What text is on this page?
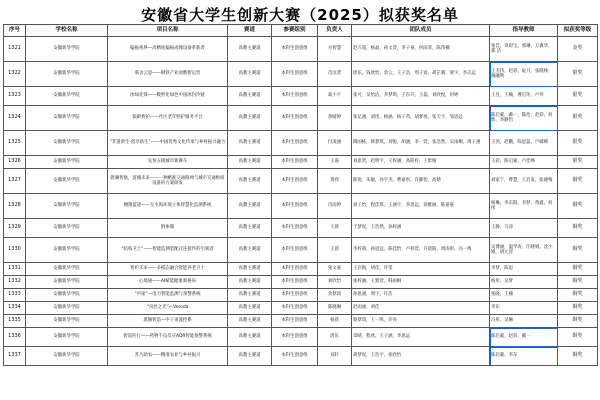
安徽省大学生创新大赛（2025）拟获奖名单
序号	学校名称	项目名称	赛道	参赛组别	负责人	团队成员	指导教师	拟获奖等级
1321	安徽新华学院	偏振视界—高精度偏振成像设备革新者	高教主赛道	本科生创意组	方智慧	赵万超，杨晶，孙文萱，李子豪，何雨菲，陈伟楠	张佳，章彩宝，郭琳，万冀华，郑 洁	金奖
1322	安徽新华学院	慕舍云思——钢铁产业园数智运营	高教主赛道	本科生创意组	肖汶萱	唐乐，钱欣怡，余云，王子浩，周子宸，胡芷晴，梁宇，李志远	王杰伟，赵彩，阮月，张晓林，薄融荆	银奖
1323	安徽新华学院	冰绿先锋——数智化绿色中国冰封冷链	高教主赛道	本科生创意组	葛小宇	张可，吴怡洁，李梦琪，王东升，王磊，刘欣悦，何婷	王昱，王楠，曹启冬，卢琴	银奖
1324	安徽新华学院	银龄智护——社区老年照护服务平台	高教主赛道	本科生创意组	余晴婷	张亿涵，刘彤，杨涵，杨子芮，胡梦瑶，张天宇，邹思远	陈启蒙，戴一，陈治，赵彩，何辉，李静怡	银奖
1325	安徽新华学院	“非遗新生·创享新生”——中国优秀文化传承与乡村振兴融合	高教主赛道	本科生创意组	付凌涵	陶国栋，韩梦琪，刘悦，胡涵，李一萱，张浩然，吴雨桐，周子涵	王茜，赵鹏，陈思蕊，卢啸峰	银奖
1326	安徽新华学院	先预五模城市新赛车	高教主赛道	本科生创意组	王嘉	刘思贤，赵明宇，王梓涵，高皓梓，王紫晴	王彩，陈启蒙，卢佳峰	银奖
1327	安徽新华学院	蔚澜智航，涟城未来——一种精准交通路网与城市交通枢纽设备的方案研发	高教主赛道	本科生创意组	黄欣	陈悦，朱敏，孙宇杰，曹嘉彤，许静怡，高婧	刘家宁，曹慧，王启发，张晓梅	铜奖
1328	安徽新华学院	翱翔蓝途——无水海环境立体智慧化监测系统	高教主赛道	本科生创意组	肖雨婷	刘子怡，程佳琪，王涵宇，李思远，徐雅丽，陈嘉豪	杨琳，李东阳，李梦，黄鑫，何彤	铜奖
1329	安徽新华学院	链体微	高教主赛道	本科生创意组	王晨	于梦瑶，王浩然，孙梓涵	王静，马涛	铜奖
1330	安徽新华学院	“结构卫士”——智能监测装配式连接件的引领者	高教主赛道	本科生创意组	王晨	李梓萌，孙思远，陈佳怡，卢梓萱，许晨阳，周雨彤，冯一鸣	吴博涵，温学涛，汪晓娟，沈小嫚，胡元淳	铜奖
1331	安徽新华学院	智护未来——多模态融合智能养老卫士	高教主赛道	本科生创意组	张文豪	王启航，胡佳，许雯	李梦，陈思	铜奖
1332	安徽新华学院	心境通——AI赋能健康新格局	高教主赛道	本科生创意组	刘欣怡	张梓涵，王紫萱，韩雨桐	杨彤，吴梦	铜奖
1333	安徽新华学院	“声途”—电力智能监测与预警系统	高教主赛道	本科生创意组	余梦琦	孙思涵，周宇，许浩	张晓，王楠	铜奖
1334	安徽新华学院	“帛丝之光”—Veroda	高教主赛道	本科生创意组	陈晓琳	赵雨涵，刘佳	李东	铜奖
1335	安徽新华学院	派阁智造—中子束流控系	高教主赛道	本科生创意组	杨晨	蔡梦琪，王一鸣，许亮	冯彤，吴琳	铜奖
1336	安徽新华学院	智巡医行——药物不良反应ADR智能预警系统	高教主赛道	本科生创意组	唐乐	章晴，程欣，王子涵，李思远	陈启蒙，赵彩，戴一	铜奖
1337	安徽新华学院	苏乃助农——精准农业与乡村振兴	高教主赛道	本科生创意组	刘轩	胡梦瑶，王浩宇，徐欣怡	陈启蒙，李东	铜奖
